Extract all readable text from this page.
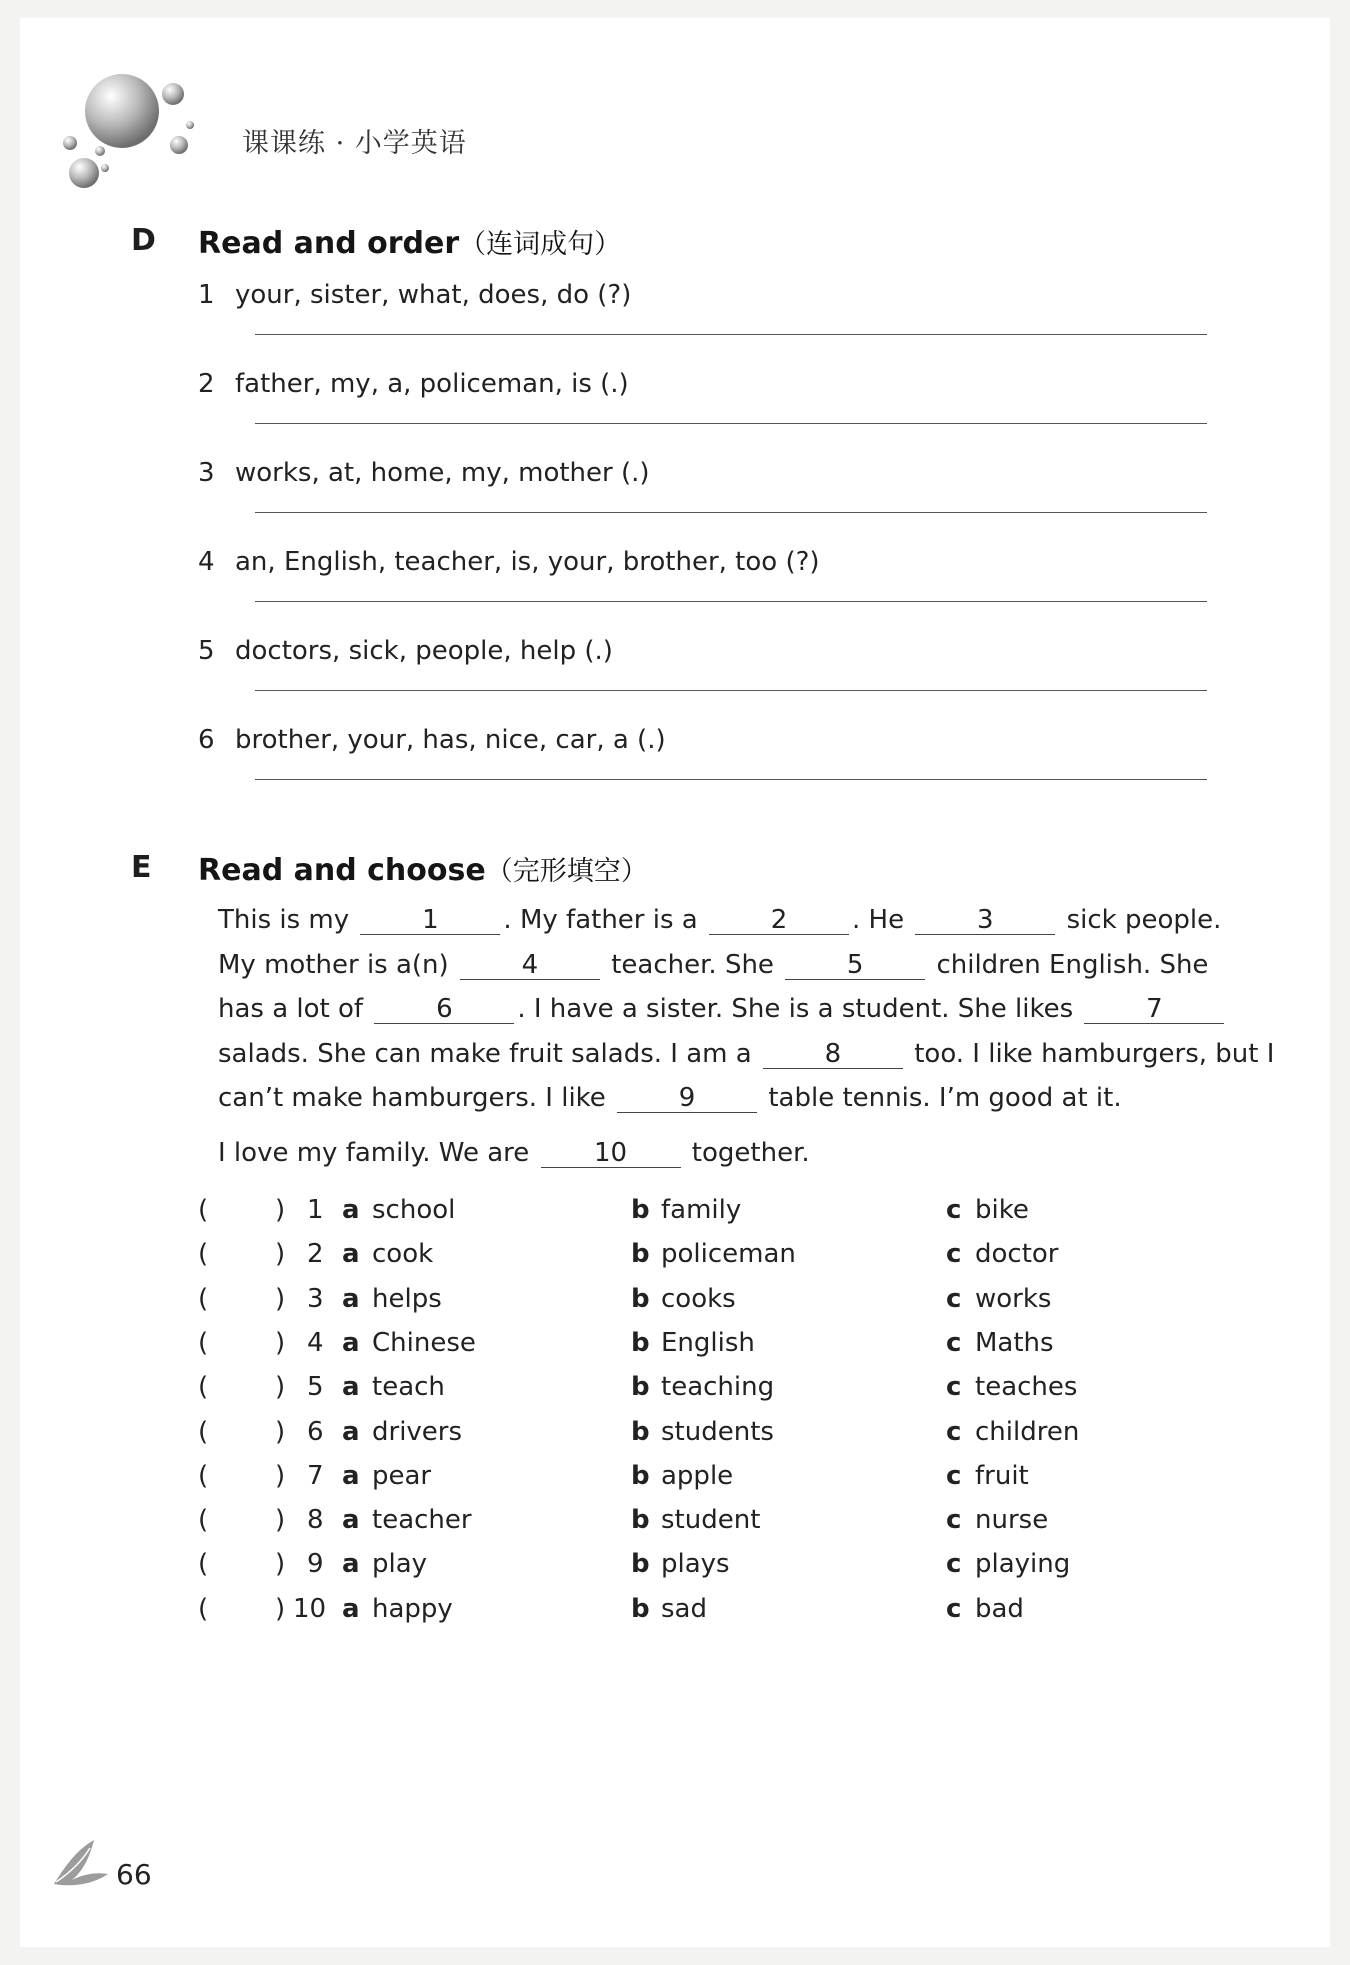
课课练 · 小学英语
D Read and order（连词成句）
1 your, sister, what, does, do (?)
2 father, my, a, policeman, is (.)
3 works, at, home, my, mother (.)
4 an, English, teacher, is, your, brother, too (?)
5 doctors, sick, people, help (.)
6 brother, your, has, nice, car, a (.)
E Read and choose（完形填空）

This is my	1 . My father is a	2 . He	3	sick people.

My mother is a(n)	4	teacher. She	5	children English. She

has a lot of	6 . I have a sister. She is a student. She likes	7

salads. She can make fruit salads. I am a	8	too. I like hamburgers, but I

can’t make hamburgers. I like	9	table tennis. I’m good at it.

I love my family. We are 10 together.
(	) 1 a school	b family	c bike
(	) 2 a cook	b policeman	c doctor
(	) 3 a helps	b cooks	c works
(	) 4 a Chinese	b English	c Maths
(	) 5 a teach	b teaching	c teaches
(	) 6 a drivers	b students	c children
(	) 7 a pear	b apple	c fruit
(	) 8 a teacher	b student	c nurse
(	) 9 a play	b plays	c playing
(	) 10 a happy	b sad	c bad
66
